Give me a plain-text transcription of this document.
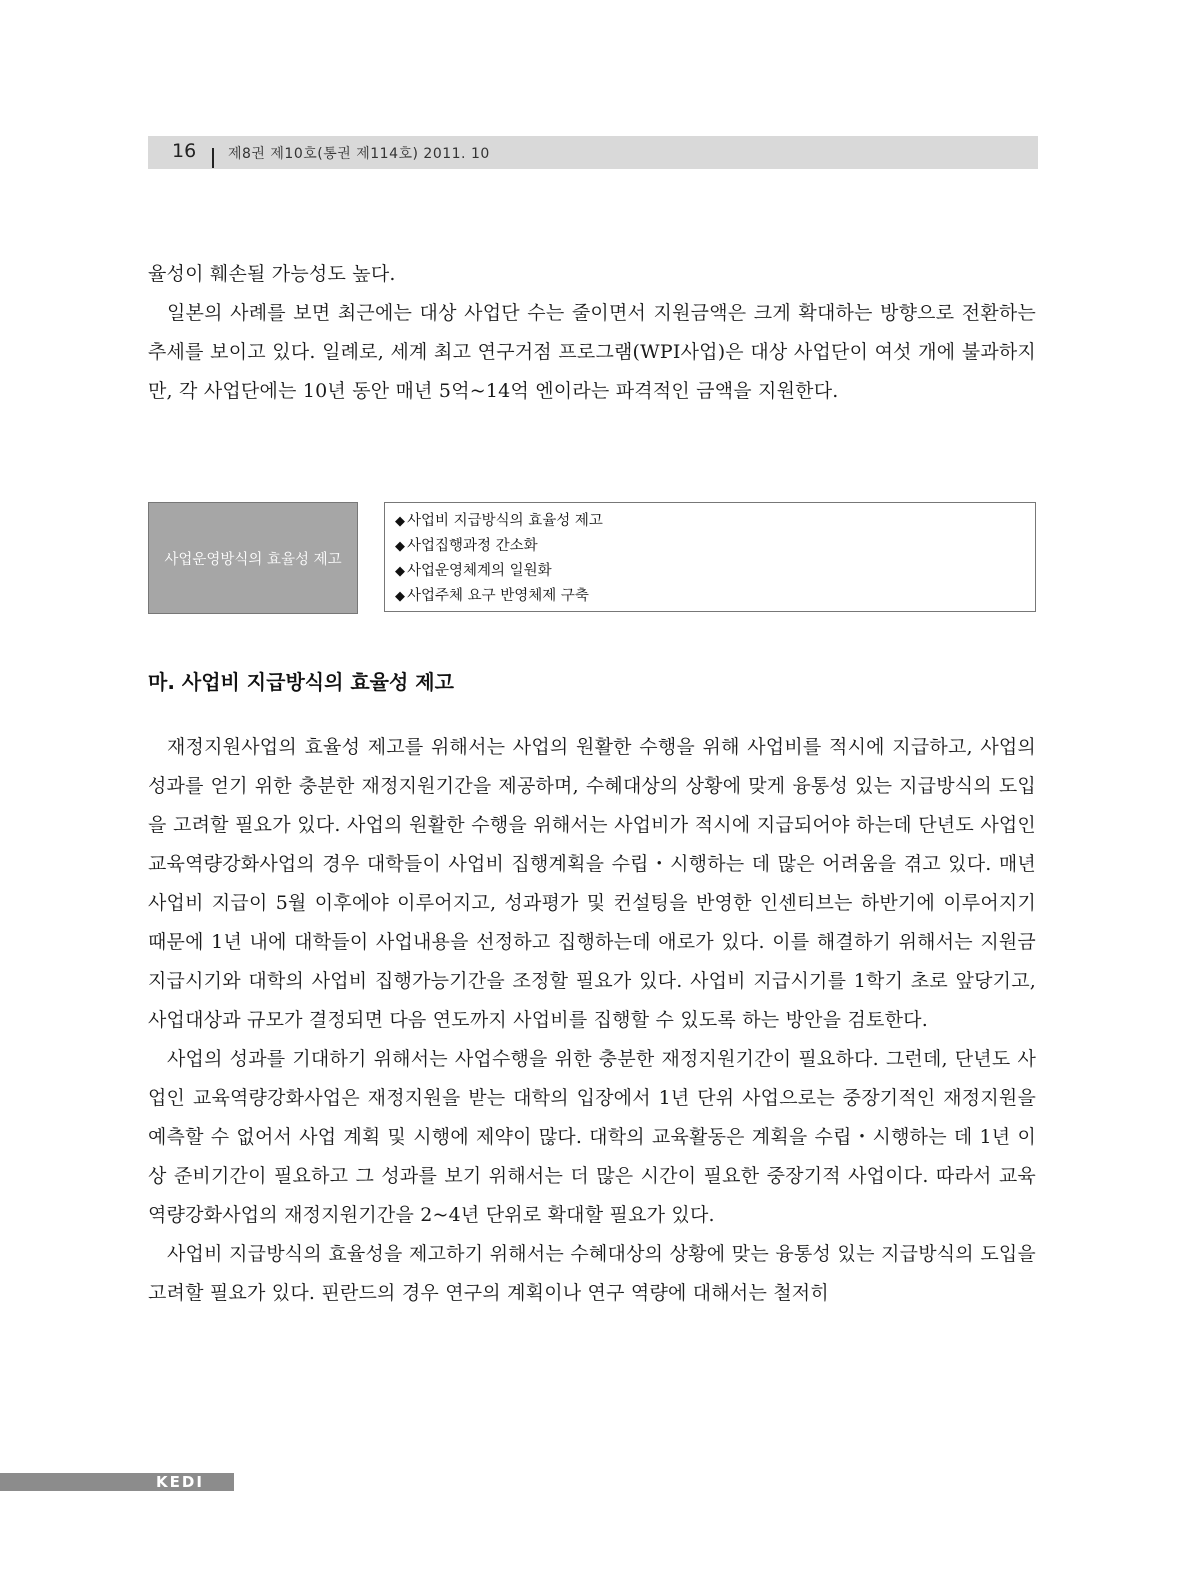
16 제8권 제10호(통권 제114호) 2011. 10

율성이 훼손될 가능성도 높다.

일본의 사례를 보면 최근에는 대상 사업단 수는 줄이면서 지원금액은 크게 확대하는 방향으로 전환하는 추세를 보이고 있다. 일례로, 세계 최고 연구거점 프로그램(WPI사업)은 대상 사업단이 여섯 개에 불과하지만, 각 사업단에는 10년 동안 매년 5억~14억 엔이라는 파격적인 금액을 지원한다.

사업운영방식의 효율성 제고
◆ 사업비 지급방식의 효율성 제고
◆ 사업집행과정 간소화
◆ 사업운영체계의 일원화
◆ 사업주체 요구 반영체제 구축
마. 사업비 지급방식의 효율성 제고

재정지원사업의 효율성 제고를 위해서는 사업의 원활한 수행을 위해 사업비를 적시에 지급하고, 사업의 성과를 얻기 위한 충분한 재정지원기간을 제공하며, 수혜대상의 상황에 맞게 융통성 있는 지급방식의 도입을 고려할 필요가 있다. 사업의 원활한 수행을 위해서는 사업비가 적시에 지급되어야 하는데 단년도 사업인 교육역량강화사업의 경우 대학들이 사업비 집행계획을 수립・시행하는 데 많은 어려움을 겪고 있다. 매년 사업비 지급이 5월 이후에야 이루어지고, 성과평가 및 컨설팅을 반영한 인센티브는 하반기에 이루어지기 때문에 1년 내에 대학들이 사업내용을 선정하고 집행하는데 애로가 있다. 이를 해결하기 위해서는 지원금 지급시기와 대학의 사업비 집행가능기간을 조정할 필요가 있다. 사업비 지급시기를 1학기 초로 앞당기고, 사업대상과 규모가 결정되면 다음 연도까지 사업비를 집행할 수 있도록 하는 방안을 검토한다.

사업의 성과를 기대하기 위해서는 사업수행을 위한 충분한 재정지원기간이 필요하다. 그런데, 단년도 사업인 교육역량강화사업은 재정지원을 받는 대학의 입장에서 1년 단위 사업으로는 중장기적인 재정지원을 예측할 수 없어서 사업 계획 및 시행에 제약이 많다. 대학의 교육활동은 계획을 수립・시행하는 데 1년 이상 준비기간이 필요하고 그 성과를 보기 위해서는 더 많은 시간이 필요한 중장기적 사업이다. 따라서 교육역량강화사업의 재정지원기간을 2~4년 단위로 확대할 필요가 있다.

사업비 지급방식의 효율성을 제고하기 위해서는 수혜대상의 상황에 맞는 융통성 있는 지급방식의 도입을 고려할 필요가 있다. 핀란드의 경우 연구의 계획이나 연구 역량에 대해서는 철저히

KEDI
